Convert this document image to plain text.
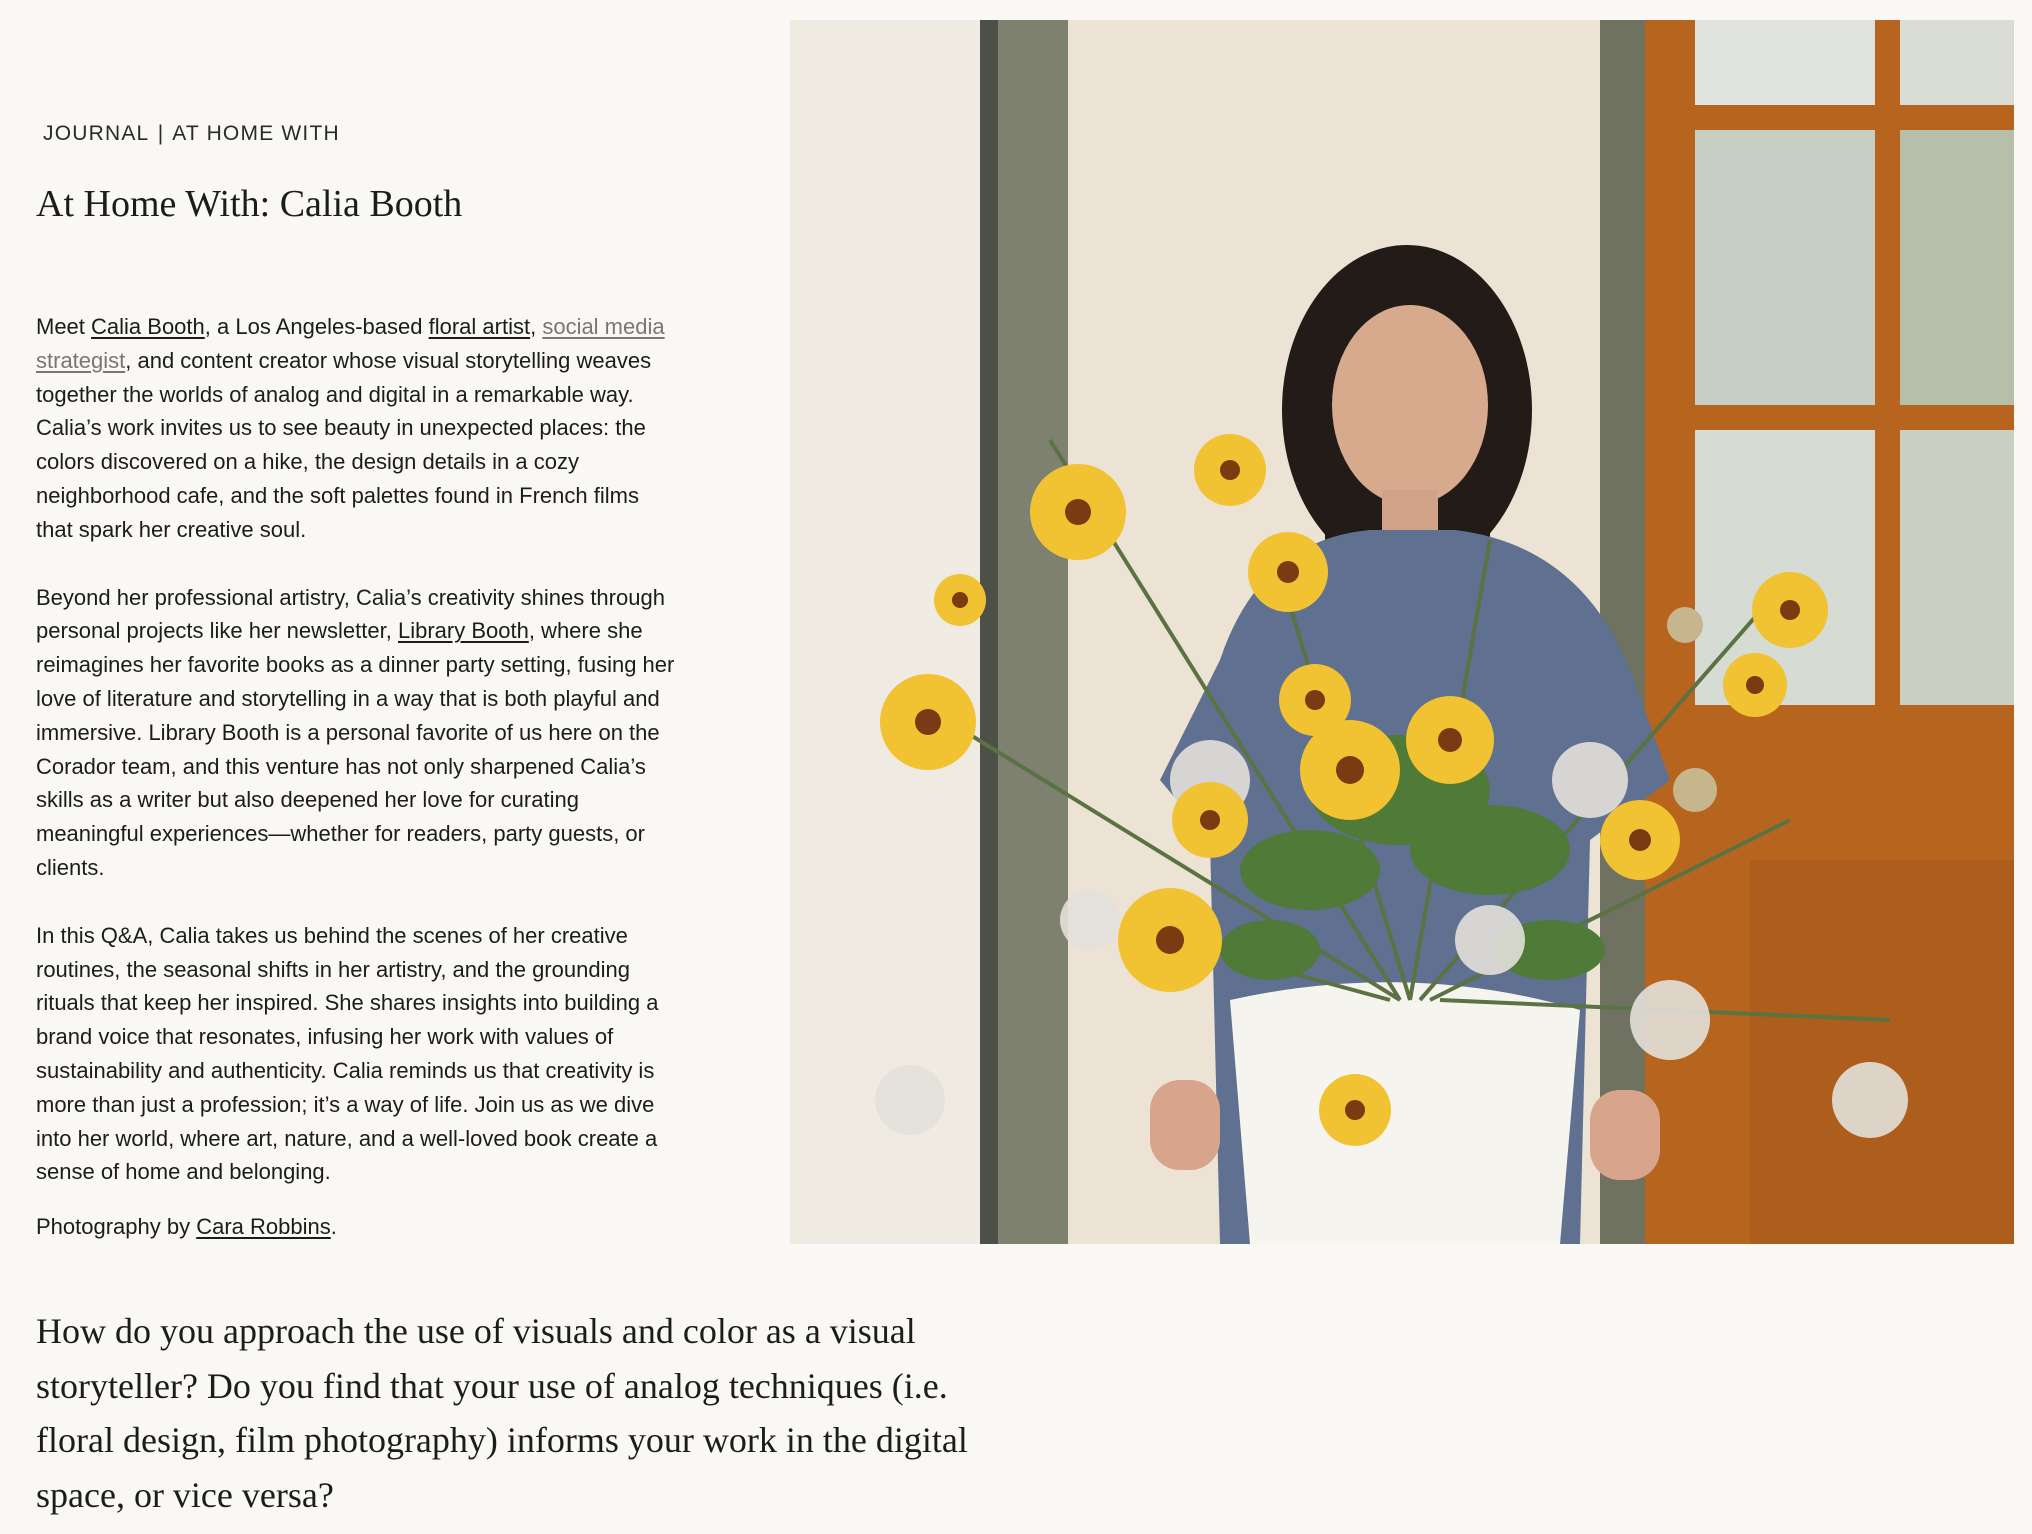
JOURNAL | AT HOME WITH
At Home With: Calia Booth

Meet Calia Booth, a Los Angeles-based floral artist, social media strategist, and content creator whose visual storytelling weaves together the worlds of analog and digital in a remarkable way. Calia’s work invites us to see beauty in unexpected places: the colors discovered on a hike, the design details in a cozy neighborhood cafe, and the soft palettes found in French films that spark her creative soul.

Beyond her professional artistry, Calia’s creativity shines through personal projects like her newsletter, Library Booth, where she reimagines her favorite books as a dinner party setting, fusing her love of literature and storytelling in a way that is both playful and immersive. Library Booth is a personal favorite of us here on the Corador team, and this venture has not only sharpened Calia’s skills as a writer but also deepened her love for curating meaningful experiences—whether for readers, party guests, or clients.

In this Q&A, Calia takes us behind the scenes of her creative routines, the seasonal shifts in her artistry, and the grounding rituals that keep her inspired. She shares insights into building a brand voice that resonates, infusing her work with values of sustainability and authenticity. Calia reminds us that creativity is more than just a profession; it’s a way of life. Join us as we dive into her world, where art, nature, and a well-loved book create a sense of home and belonging.

Photography by Cara Robbins.

How do you approach the use of visuals and color as a visual storyteller? Do you find that your use of analog techniques (i.e. floral design, film photography) informs your work in the digital space, or vice versa?
